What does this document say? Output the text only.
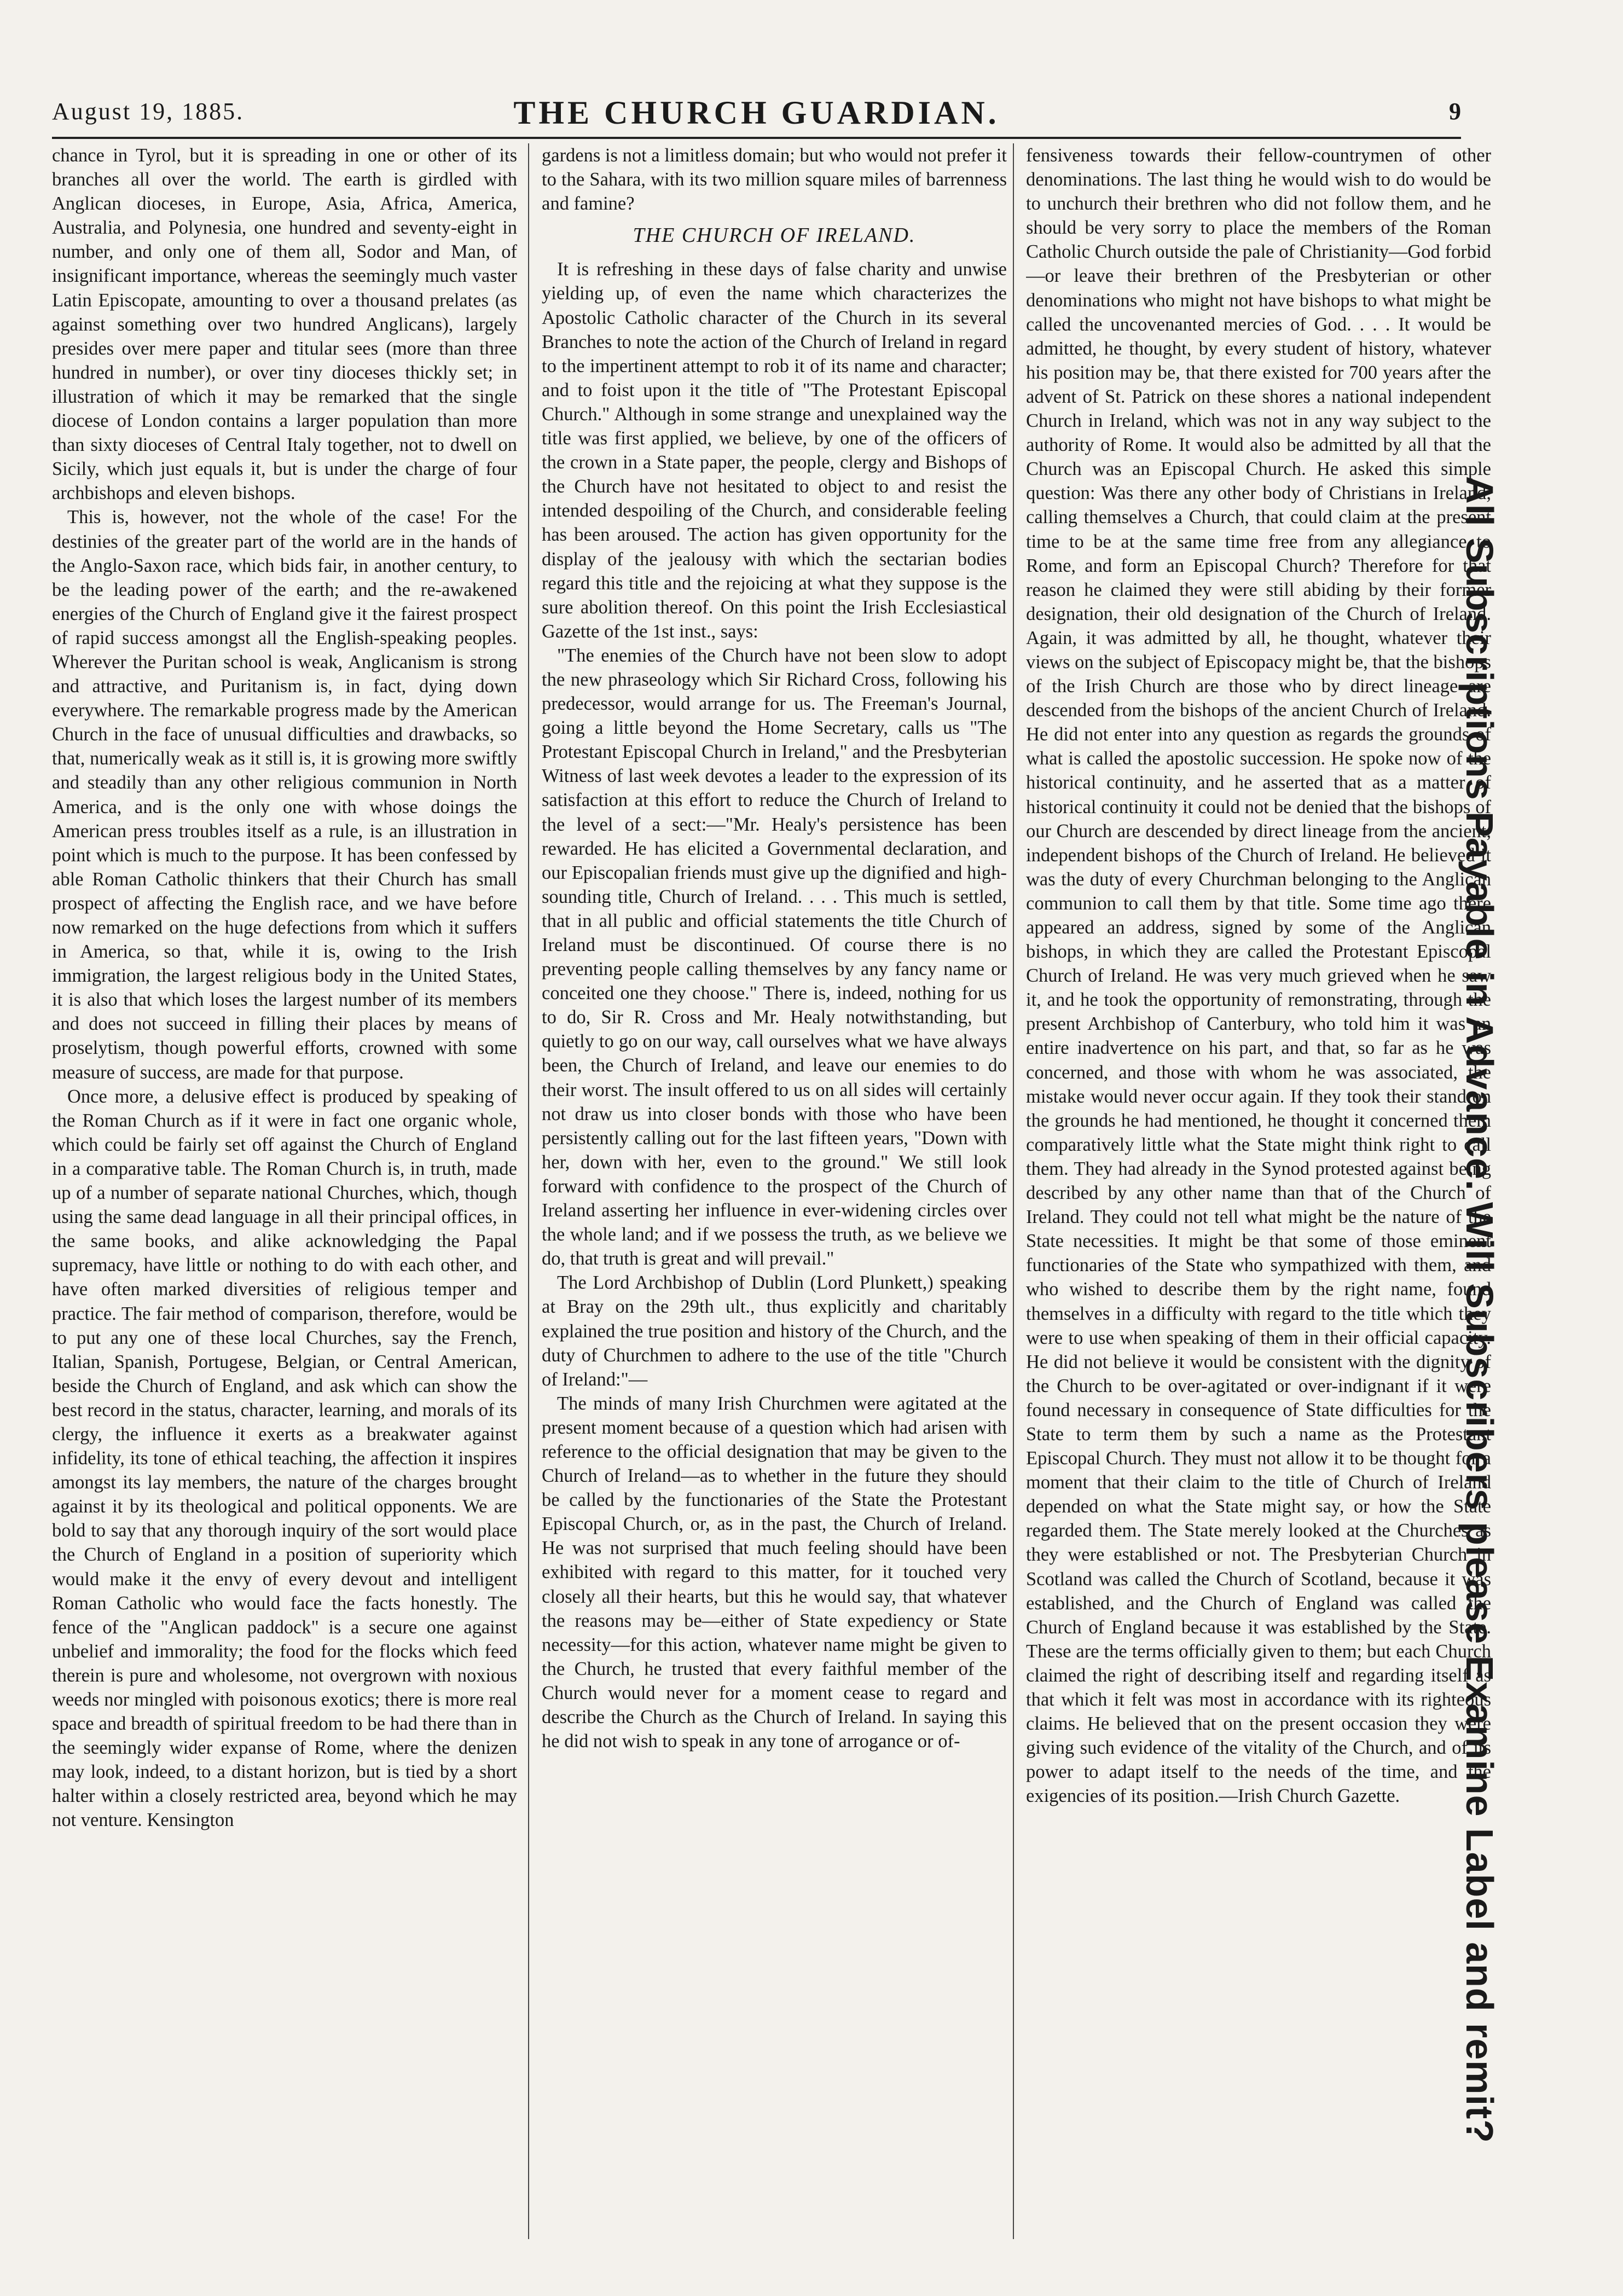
August 19, 1885.	THE CHURCH GUARDIAN.	9

chance in Tyrol, but it is spreading in one or other of its branches all over the world. The earth is girdled with Anglican dioceses, in Europe, Asia, Africa, America, Australia, and Polynesia, one hundred and seventy-eight in number, and only one of them all, Sodor and Man, of insignificant importance, whereas the seemingly much vaster Latin Episcopate, amounting to over a thousand prelates (as against something over two hundred Anglicans), largely presides over mere paper and titular sees (more than three hundred in number), or over tiny dioceses thickly set; in illustration of which it may be remarked that the single diocese of London contains a larger population than more than sixty dioceses of Central Italy together, not to dwell on Sicily, which just equals it, but is under the charge of four archbishops and eleven bishops.

This is, however, not the whole of the case! For the destinies of the greater part of the world are in the hands of the Anglo-Saxon race, which bids fair, in another century, to be the leading power of the earth; and the re-awakened energies of the Church of England give it the fairest prospect of rapid success amongst all the English-speaking peoples. Wherever the Puritan school is weak, Anglicanism is strong and attractive, and Puritanism is, in fact, dying down everywhere. The remarkable progress made by the American Church in the face of unusual difficulties and drawbacks, so that, numerically weak as it still is, it is growing more swiftly and steadily than any other religious communion in North America, and is the only one with whose doings the American press troubles itself as a rule, is an illustration in point which is much to the purpose. It has been confessed by able Roman Catholic thinkers that their Church has small prospect of affecting the English race, and we have before now remarked on the huge defections from which it suffers in America, so that, while it is, owing to the Irish immigration, the largest religious body in the United States, it is also that which loses the largest number of its members and does not succeed in filling their places by means of proselytism, though powerful efforts, crowned with some measure of success, are made for that purpose.

Once more, a delusive effect is produced by speaking of the Roman Church as if it were in fact one organic whole, which could be fairly set off against the Church of England in a comparative table. The Roman Church is, in truth, made up of a number of separate national Churches, which, though using the same dead language in all their principal offices, in the same books, and alike acknowledging the Papal supremacy, have little or nothing to do with each other, and have often marked diversities of religious temper and practice. The fair method of comparison, therefore, would be to put any one of these local Churches, say the French, Italian, Spanish, Portugese, Belgian, or Central American, beside the Church of England, and ask which can show the best record in the status, character, learning, and morals of its clergy, the influence it exerts as a breakwater against infidelity, its tone of ethical teaching, the affection it inspires amongst its lay members, the nature of the charges brought against it by its theological and political opponents. We are bold to say that any thorough inquiry of the sort would place the Church of England in a position of superiority which would make it the envy of every devout and intelligent Roman Catholic who would face the facts honestly. The fence of the "Anglican paddock" is a secure one against unbelief and immorality; the food for the flocks which feed therein is pure and wholesome, not overgrown with noxious weeds nor mingled with poisonous exotics; there is more real space and breadth of spiritual freedom to be had there than in the seemingly wider expanse of Rome, where the denizen may look, indeed, to a distant horizon, but is tied by a short halter within a closely restricted area, beyond which he may not venture. Kensington

gardens is not a limitless domain; but who would not prefer it to the Sahara, with its two million square miles of barrenness and famine?

THE CHURCH OF IRELAND.

It is refreshing in these days of false charity and unwise yielding up, of even the name which characterizes the Apostolic Catholic character of the Church in its several Branches to note the action of the Church of Ireland in regard to the impertinent attempt to rob it of its name and character; and to foist upon it the title of "The Protestant Episcopal Church." Although in some strange and unexplained way the title was first applied, we believe, by one of the officers of the crown in a State paper, the people, clergy and Bishops of the Church have not hesitated to object to and resist the intended despoiling of the Church, and considerable feeling has been aroused. The action has given opportunity for the display of the jealousy with which the sectarian bodies regard this title and the rejoicing at what they suppose is the sure abolition thereof. On this point the Irish Ecclesiastical Gazette of the 1st inst., says:

"The enemies of the Church have not been slow to adopt the new phraseology which Sir Richard Cross, following his predecessor, would arrange for us. The Freeman's Journal, going a little beyond the Home Secretary, calls us "The Protestant Episcopal Church in Ireland," and the Presbyterian Witness of last week devotes a leader to the expression of its satisfaction at this effort to reduce the Church of Ireland to the level of a sect:—"Mr. Healy's persistence has been rewarded. He has elicited a Governmental declaration, and our Episcopalian friends must give up the dignified and high-sounding title, Church of Ireland. . . . This much is settled, that in all public and official statements the title Church of Ireland must be discontinued. Of course there is no preventing people calling themselves by any fancy name or conceited one they choose." There is, indeed, nothing for us to do, Sir R. Cross and Mr. Healy notwithstanding, but quietly to go on our way, call ourselves what we have always been, the Church of Ireland, and leave our enemies to do their worst. The insult offered to us on all sides will certainly not draw us into closer bonds with those who have been persistently calling out for the last fifteen years, "Down with her, down with her, even to the ground." We still look forward with confidence to the prospect of the Church of Ireland asserting her influence in ever-widening circles over the whole land; and if we possess the truth, as we believe we do, that truth is great and will prevail."

The Lord Archbishop of Dublin (Lord Plunkett,) speaking at Bray on the 29th ult., thus explicitly and charitably explained the true position and history of the Church, and the duty of Churchmen to adhere to the use of the title "Church of Ireland:"—

The minds of many Irish Churchmen were agitated at the present moment because of a question which had arisen with reference to the official designation that may be given to the Church of Ireland—as to whether in the future they should be called by the functionaries of the State the Protestant Episcopal Church, or, as in the past, the Church of Ireland. He was not surprised that much feeling should have been exhibited with regard to this matter, for it touched very closely all their hearts, but this he would say, that whatever the reasons may be—either of State expediency or State necessity—for this action, whatever name might be given to the Church, he trusted that every faithful member of the Church would never for a moment cease to regard and describe the Church as the Church of Ireland. In saying this he did not wish to speak in any tone of arrogance or of-

fensiveness towards their fellow-countrymen of other denominations. The last thing he would wish to do would be to unchurch their brethren who did not follow them, and he should be very sorry to place the members of the Roman Catholic Church outside the pale of Christianity—God forbid—or leave their brethren of the Presbyterian or other denominations who might not have bishops to what might be called the uncovenanted mercies of God. . . . It would be admitted, he thought, by every student of history, whatever his position may be, that there existed for 700 years after the advent of St. Patrick on these shores a national independent Church in Ireland, which was not in any way subject to the authority of Rome. It would also be admitted by all that the Church was an Episcopal Church. He asked this simple question: Was there any other body of Christians in Ireland, calling themselves a Church, that could claim at the present time to be at the same time free from any allegiance to Rome, and form an Episcopal Church? Therefore for that reason he claimed they were still abiding by their former designation, their old designation of the Church of Ireland. Again, it was admitted by all, he thought, whatever their views on the subject of Episcopacy might be, that the bishops of the Irish Church are those who by direct lineage are descended from the bishops of the ancient Church of Ireland. He did not enter into any question as regards the grounds of what is called the apostolic succession. He spoke now of the historical continuity, and he asserted that as a matter of historical continuity it could not be denied that the bishops of our Church are descended by direct lineage from the ancient, independent bishops of the Church of Ireland. He believed it was the duty of every Churchman belonging to the Anglican communion to call them by that title. Some time ago there appeared an address, signed by some of the Anglican bishops, in which they are called the Protestant Episcopal Church of Ireland. He was very much grieved when he saw it, and he took the opportunity of remonstrating, through the present Archbishop of Canterbury, who told him it was an entire inadvertence on his part, and that, so far as he was concerned, and those with whom he was associated, the mistake would never occur again. If they took their stand on the grounds he had mentioned, he thought it concerned them comparatively little what the State might think right to call them. They had already in the Synod protested against being described by any other name than that of the Church of Ireland. They could not tell what might be the nature of the State necessities. It might be that some of those eminent functionaries of the State who sympathized with them, and who wished to describe them by the right name, found themselves in a difficulty with regard to the title which they were to use when speaking of them in their official capacity. He did not believe it would be consistent with the dignity of the Church to be over-agitated or over-indignant if it were found necessary in consequence of State difficulties for the State to term them by such a name as the Protestant Episcopal Church. They must not allow it to be thought for a moment that their claim to the title of Church of Ireland depended on what the State might say, or how the State regarded them. The State merely looked at the Churches as they were established or not. The Presbyterian Church in Scotland was called the Church of Scotland, because it was established, and the Church of England was called the Church of England because it was established by the State. These are the terms officially given to them; but each Church claimed the right of describing itself and regarding itself as that which it felt was most in accordance with its righteous claims. He believed that on the present occasion they were giving such evidence of the vitality of the Church, and of its power to adapt itself to the needs of the time, and the exigencies of its position.—Irish Church Gazette.	All Subscriptions Payable in Advance. Will Subscribers please Examine Label and remit?
